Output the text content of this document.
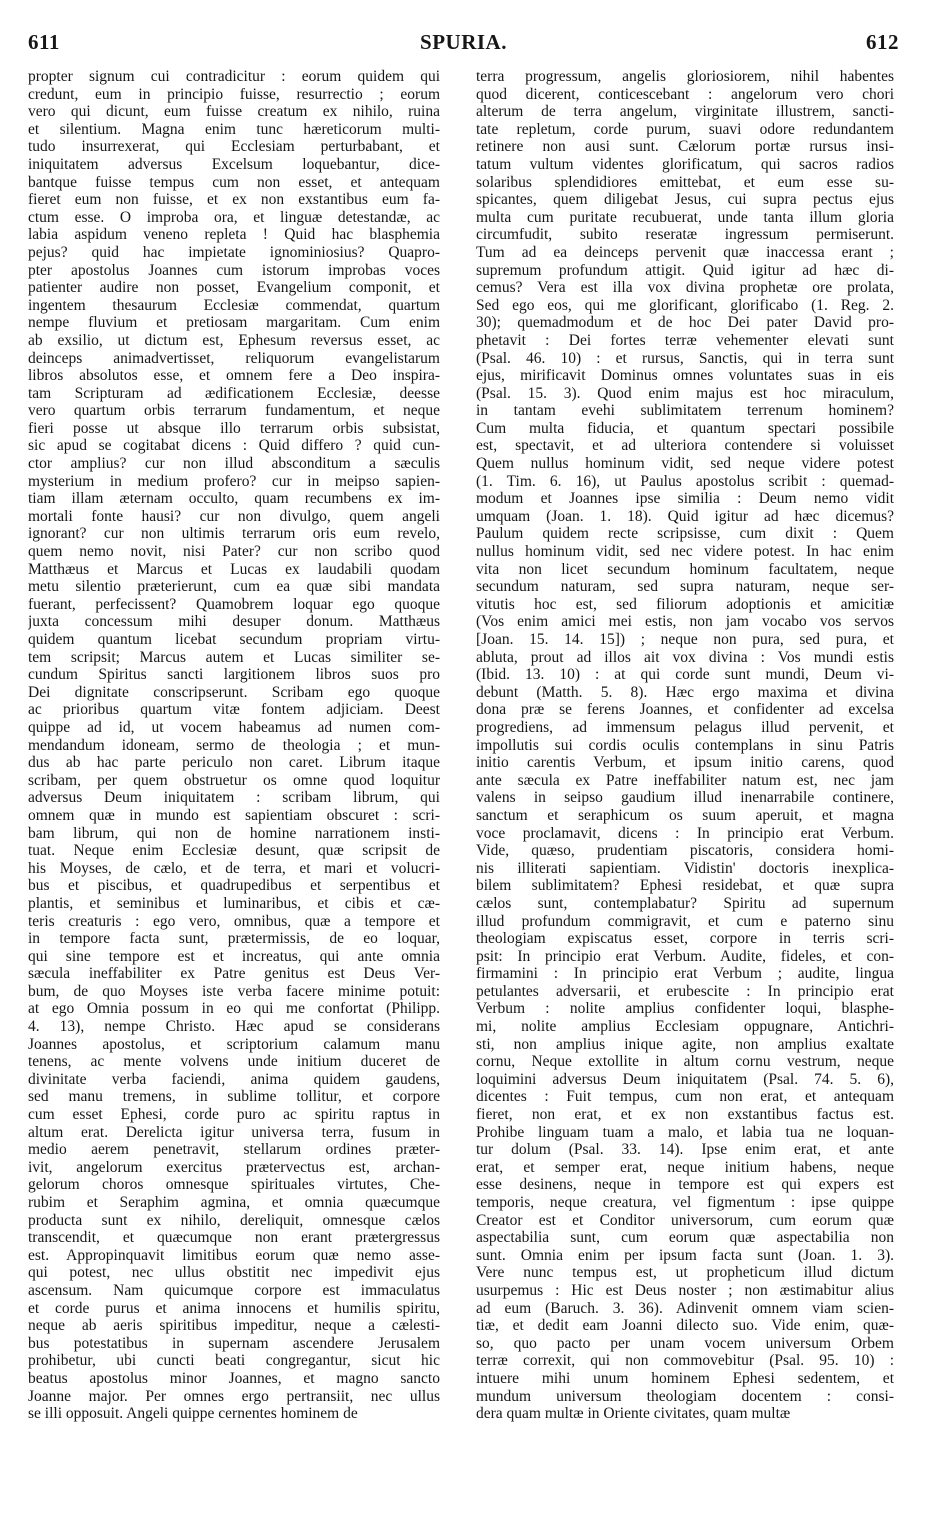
611	SPURIA.	612
propter signum cui contradicitur : eorum quidem qui
credunt, eum in principio fuisse, resurrectio ; eorum
vero qui dicunt, eum fuisse creatum ex nihilo, ruina
et silentium. Magna enim tunc hæreticorum multi-
tudo insurrexerat, qui Ecclesiam perturbabant, et
iniquitatem adversus Excelsum loquebantur, dice-
bantque fuisse tempus cum non esset, et antequam
fieret eum non fuisse, et ex non exstantibus eum fa-
ctum esse. O improba ora, et linguæ detestandæ, ac
labia aspidum veneno repleta ! Quid hac blasphemia
pejus? quid hac impietate ignominiosius? Quapro-
pter apostolus Joannes cum istorum improbas voces
patienter audire non posset, Evangelium componit, et
ingentem thesaurum Ecclesiæ commendat, quartum
nempe fluvium et pretiosam margaritam. Cum enim
ab exsilio, ut dictum est, Ephesum reversus esset, ac
deinceps animadvertisset, reliquorum evangelistarum
libros absolutos esse, et omnem fere a Deo inspira-
tam Scripturam ad ædificationem Ecclesiæ, deesse
vero quartum orbis terrarum fundamentum, et neque
fieri posse ut absque illo terrarum orbis subsistat,
sic apud se cogitabat dicens : Quid differo ? quid cun-
ctor amplius? cur non illud absconditum a sæculis
mysterium in medium profero? cur in meipso sapien-
tiam illam æternam occulto, quam recumbens ex im-
mortali fonte hausi? cur non divulgo, quem angeli
ignorant? cur non ultimis terrarum oris eum revelo,
quem nemo novit, nisi Pater? cur non scribo quod
Matthæus et Marcus et Lucas ex laudabili quodam
metu silentio præterierunt, cum ea quæ sibi mandata
fuerant, perfecissent? Quamobrem loquar ego quoque
juxta concessum mihi desuper donum. Matthæus
quidem quantum licebat secundum propriam virtu-
tem scripsit; Marcus autem et Lucas similiter se-
cundum Spiritus sancti largitionem libros suos pro
Dei dignitate conscripserunt. Scribam ego quoque
ac prioribus quartum vitæ fontem adjiciam. Deest
quippe ad id, ut vocem habeamus ad numen com-
mendandum idoneam, sermo de theologia ; et mun-
dus ab hac parte periculo non caret. Librum itaque
scribam, per quem obstruetur os omne quod loquitur
adversus Deum iniquitatem : scribam librum, qui
omnem quæ in mundo est sapientiam obscuret : scri-
bam librum, qui non de homine narrationem insti-
tuat. Neque enim Ecclesiæ desunt, quæ scripsit de
his Moyses, de cælo, et de terra, et mari et volucri-
bus et piscibus, et quadrupedibus et serpentibus et
plantis, et seminibus et luminaribus, et cibis et cæ-
teris creaturis : ego vero, omnibus, quæ a tempore et
in tempore facta sunt, prætermissis, de eo loquar,
qui sine tempore est et increatus, qui ante omnia
sæcula ineffabiliter ex Patre genitus est Deus Ver-
bum, de quo Moyses iste verba facere minime potuit:
at ego Omnia possum in eo qui me confortat (Philipp.
4. 13), nempe Christo. Hæc apud se considerans
Joannes apostolus, et scriptorium calamum manu
tenens, ac mente volvens unde initium duceret de
divinitate verba faciendi, anima quidem gaudens,
sed manu tremens, in sublime tollitur, et corpore
cum esset Ephesi, corde puro ac spiritu raptus in
altum erat. Derelicta igitur universa terra, fusum in
medio aerem penetravit, stellarum ordines præter-
ivit, angelorum exercitus prætervectus est, archan-
gelorum choros omnesque spirituales virtutes, Che-
rubim et Seraphim agmina, et omnia quæcumque
producta sunt ex nihilo, dereliquit, omnesque cælos
transcendit, et quæcumque non erant prætergressus
est. Appropinquavit limitibus eorum quæ nemo asse-
qui potest, nec ullus obstitit nec impedivit ejus
ascensum. Nam quicumque corpore est immaculatus
et corde purus et anima innocens et humilis spiritu,
neque ab aeris spiritibus impeditur, neque a cælesti-
bus potestatibus in supernam ascendere Jerusalem
prohibetur, ubi cuncti beati congregantur, sicut hic
beatus apostolus minor Joannes, et magno sancto
Joanne major. Per omnes ergo pertransiit, nec ullus
se illi opposuit. Angeli quippe cernentes hominem de
terra progressum, angelis gloriosiorem, nihil habentes
quod dicerent, conticescebant : angelorum vero chori
alterum de terra angelum, virginitate illustrem, sancti-
tate repletum, corde purum, suavi odore redundantem
retinere non ausi sunt. Cælorum portæ rursus insi-
tatum vultum videntes glorificatum, qui sacros radios
solaribus splendidiores emittebat, et eum esse su-
spicantes, quem diligebat Jesus, cui supra pectus ejus
multa cum puritate recubuerat, unde tanta illum gloria
circumfudit, subito reseratæ ingressum permiserunt.
Tum ad ea deinceps pervenit quæ inaccessa erant ;
supremum profundum attigit. Quid igitur ad hæc di-
cemus? Vera est illa vox divina prophetæ ore prolata,
Sed ego eos, qui me glorificant, glorificabo (1. Reg. 2.
30); quemadmodum et de hoc Dei pater David pro-
phetavit : Dei fortes terræ vehementer elevati sunt
(Psal. 46. 10) : et rursus, Sanctis, qui in terra sunt
ejus, mirificavit Dominus omnes voluntates suas in eis
(Psal. 15. 3). Quod enim majus est hoc miraculum,
in tantam evehi sublimitatem terrenum hominem?
Cum multa fiducia, et quantum spectari possibile
est, spectavit, et ad ulteriora contendere si voluisset
Quem nullus hominum vidit, sed neque videre potest
(1. Tim. 6. 16), ut Paulus apostolus scribit : quemad-
modum et Joannes ipse similia : Deum nemo vidit
umquam (Joan. 1. 18). Quid igitur ad hæc dicemus?
Paulum quidem recte scripsisse, cum dixit : Quem
nullus hominum vidit, sed nec videre potest. In hac enim
vita non licet secundum hominum facultatem, neque
secundum naturam, sed supra naturam, neque ser-
vitutis hoc est, sed filiorum adoptionis et amicitiæ
(Vos enim amici mei estis, non jam vocabo vos servos
[Joan. 15. 14. 15]) ; neque non pura, sed pura, et
abluta, prout ad illos ait vox divina : Vos mundi estis
(Ibid. 13. 10) : at qui corde sunt mundi, Deum vi-
debunt (Matth. 5. 8). Hæc ergo maxima et divina
dona præ se ferens Joannes, et confidenter ad excelsa
progrediens, ad immensum pelagus illud pervenit, et
impollutis sui cordis oculis contemplans in sinu Patris
initio carentis Verbum, et ipsum initio carens, quod
ante sæcula ex Patre ineffabiliter natum est, nec jam
valens in seipso gaudium illud inenarrabile continere,
sanctum et seraphicum os suum aperuit, et magna
voce proclamavit, dicens : In principio erat Verbum.
Vide, quæso, prudentiam piscatoris, considera homi-
nis illiterati sapientiam. Vidistin' doctoris inexplica-
bilem sublimitatem? Ephesi residebat, et quæ supra
cælos sunt, contemplabatur? Spiritu ad supernum
illud profundum commigravit, et cum e paterno sinu
theologiam expiscatus esset, corpore in terris scri-
psit: In principio erat Verbum. Audite, fideles, et con-
firmamini : In principio erat Verbum ; audite, lingua
petulantes adversarii, et erubescite : In principio erat
Verbum : nolite amplius confidenter loqui, blasphe-
mi, nolite amplius Ecclesiam oppugnare, Antichri-
sti, non amplius inique agite, non amplius exaltate
cornu, Neque extollite in altum cornu vestrum, neque
loquimini adversus Deum iniquitatem (Psal. 74. 5. 6),
dicentes : Fuit tempus, cum non erat, et antequam
fieret, non erat, et ex non exstantibus factus est.
Prohibe linguam tuam a malo, et labia tua ne loquan-
tur dolum (Psal. 33. 14). Ipse enim erat, et ante
erat, et semper erat, neque initium habens, neque
esse desinens, neque in tempore est qui expers est
temporis, neque creatura, vel figmentum : ipse quippe
Creator est et Conditor universorum, cum eorum quæ
aspectabilia sunt, cum eorum quæ aspectabilia non
sunt. Omnia enim per ipsum facta sunt (Joan. 1. 3).
Vere nunc tempus est, ut propheticum illud dictum
usurpemus : Hic est Deus noster ; non æstimabitur alius
ad eum (Baruch. 3. 36). Adinvenit omnem viam scien-
tiæ, et dedit eam Joanni dilecto suo. Vide enim, quæ-
so, quo pacto per unam vocem universum Orbem
terræ correxit, qui non commovebitur (Psal. 95. 10) :
intuere mihi unum hominem Ephesi sedentem, et
mundum universum theologiam docentem : consi-
dera quam multæ in Oriente civitates, quam multæ
